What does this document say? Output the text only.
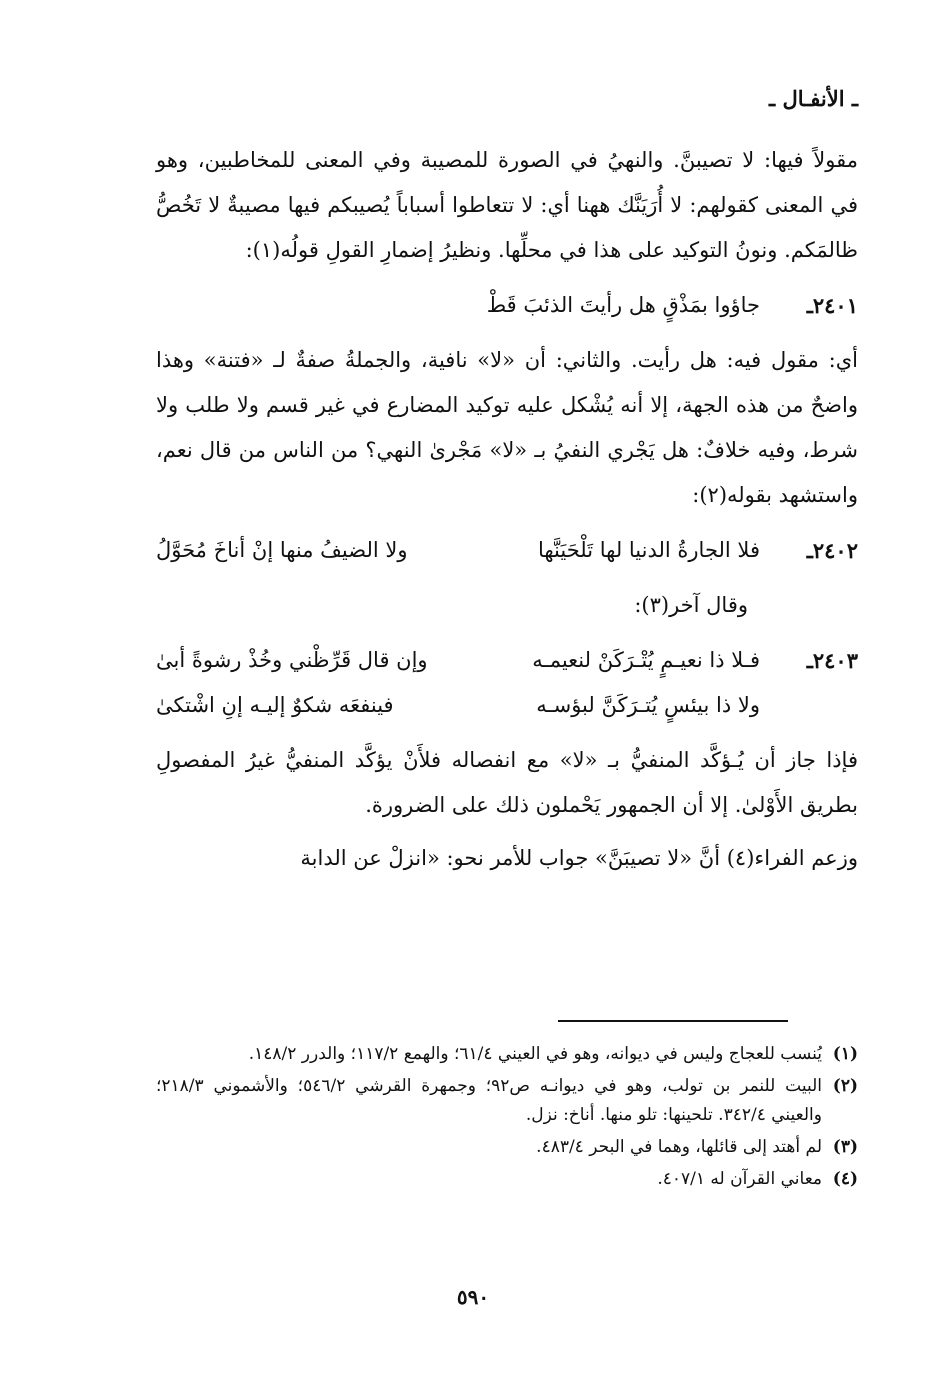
ـ الأنفـال ـ

مقولاً فيها: لا تصيبنَّ. والنهيُ في الصورة للمصيبة وفي المعنى للمخاطبين، وهو في المعنى كقولهم: لا أُرَيَنَّك ههنا أي: لا تتعاطوا أسباباً يُصيبكم فيها مصيبةٌ لا تَخُصُّ ظالمَكم. ونونُ التوكيد على هذا في محلِّها. ونظيرُ إضمارِ القولِ قولُه(١):

٢٤٠١ـ
جاؤوا بمَذْقٍ هل رأيتَ الذئبَ قَطْ

أي: مقول فيه: هل رأيت. والثاني: أن «لا» نافية، والجملةُ صفةٌ لـ «فتنة» وهذا واضحٌ من هذه الجهة، إلا أنه يُشْكل عليه توكيد المضارع في غير قسم ولا طلب ولا شرط، وفيه خلافٌ: هل يَجْري النفيُ بـ «لا» مَجْرىٰ النهي؟ من الناس من قال نعم، واستشهد بقوله(٢):

٢٤٠٢ـ
فلا الجارةُ الدنيا لها تَلْحَيَنَّها
ولا الضيفُ منها إنْ أناخَ مُحَوَّلُ

وقال آخر(٣):

٢٤٠٣ـ
فـلا ذا نعيـمٍ يُتْـرَكَنْ لنعيمـه
وإن قال قَرِّظْني وخُذْ رشوةً أبىٰ
ولا ذا بيئسٍ يُتـرَكَنَّ لبؤسـه
فينفعَه شكوٌ إليـه إنِ اشْتكىٰ

فإذا جاز أن يُـؤكَّد المنفيُّ بـ «لا» مع انفصاله فلأَنْ يؤكَّد المنفيُّ غيرُ المفصولِ بطريق الأَوْلىٰ. إلا أن الجمهور يَحْملون ذلك على الضرورة.

وزعم الفراء(٤) أنَّ «لا تصيبَنَّ» جواب للأمر نحو: «انزلْ عن الدابة

(١)
يُنسب للعجاج وليس في ديوانه، وهو في العيني ٦١/٤؛ والهمع ١١٧/٢؛ والدرر ١٤٨/٢.

(٢)
البيت للنمر بن تولب، وهو في ديوانـه ص٩٢؛ وجمهرة القرشي ٥٤٦/٢؛ والأشموني ٢١٨/٣؛ والعيني ٣٤٢/٤. تلحينها: تلو منها. أناخ: نزل.

(٣)
لم أهتد إلى قائلها، وهما في البحر ٤٨٣/٤.

(٤)
معاني القرآن له ٤٠٧/١.

٥٩٠
